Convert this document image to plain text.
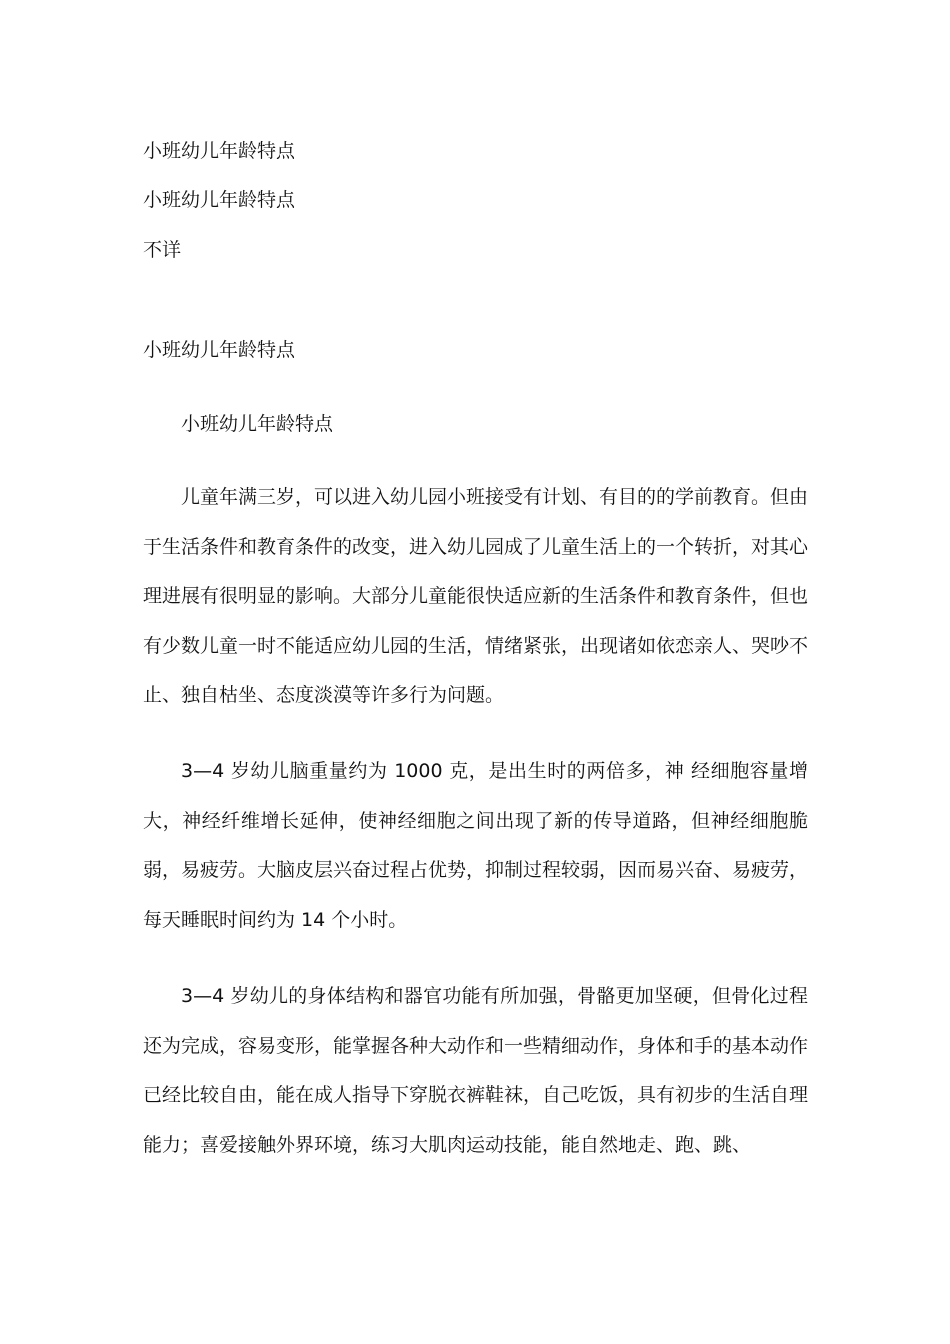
小班幼儿年龄特点
小班幼儿年龄特点
不详
小班幼儿年龄特点
小班幼儿年龄特点

儿童年满三岁，可以进入幼儿园小班接受有计划、有目的的学前教育。但由于生活条件和教育条件的改变，进入幼儿园成了儿童生活上的一个转折，对其心理进展有很明显的影响。大部分儿童能很快适应新的生活条件和教育条件，但也有少数儿童一时不能适应幼儿园的生活，情绪紧张，出现诸如依恋亲人、哭吵不止、独自枯坐、态度淡漠等许多行为问题。

3—4 岁幼儿脑重量约为 1000 克，是出生时的两倍多，神 经细胞容量增大，神经纤维增长延伸，使神经细胞之间出现了新的传导道路，但神经细胞脆弱，易疲劳。大脑皮层兴奋过程占优势，抑制过程较弱，因而易兴奋、易疲劳，每天睡眠时间约为 14 个小时。

3—4 岁幼儿的身体结构和器官功能有所加强，骨骼更加坚硬，但骨化过程还为完成，容易变形，能掌握各种大动作和一些精细动作，身体和手的基本动作已经比较自由，能在成人指导下穿脱衣裤鞋袜，自己吃饭，具有初步的生活自理能力；喜爱接触外界环境，练习大肌肉运动技能，能自然地走、跑、跳、
